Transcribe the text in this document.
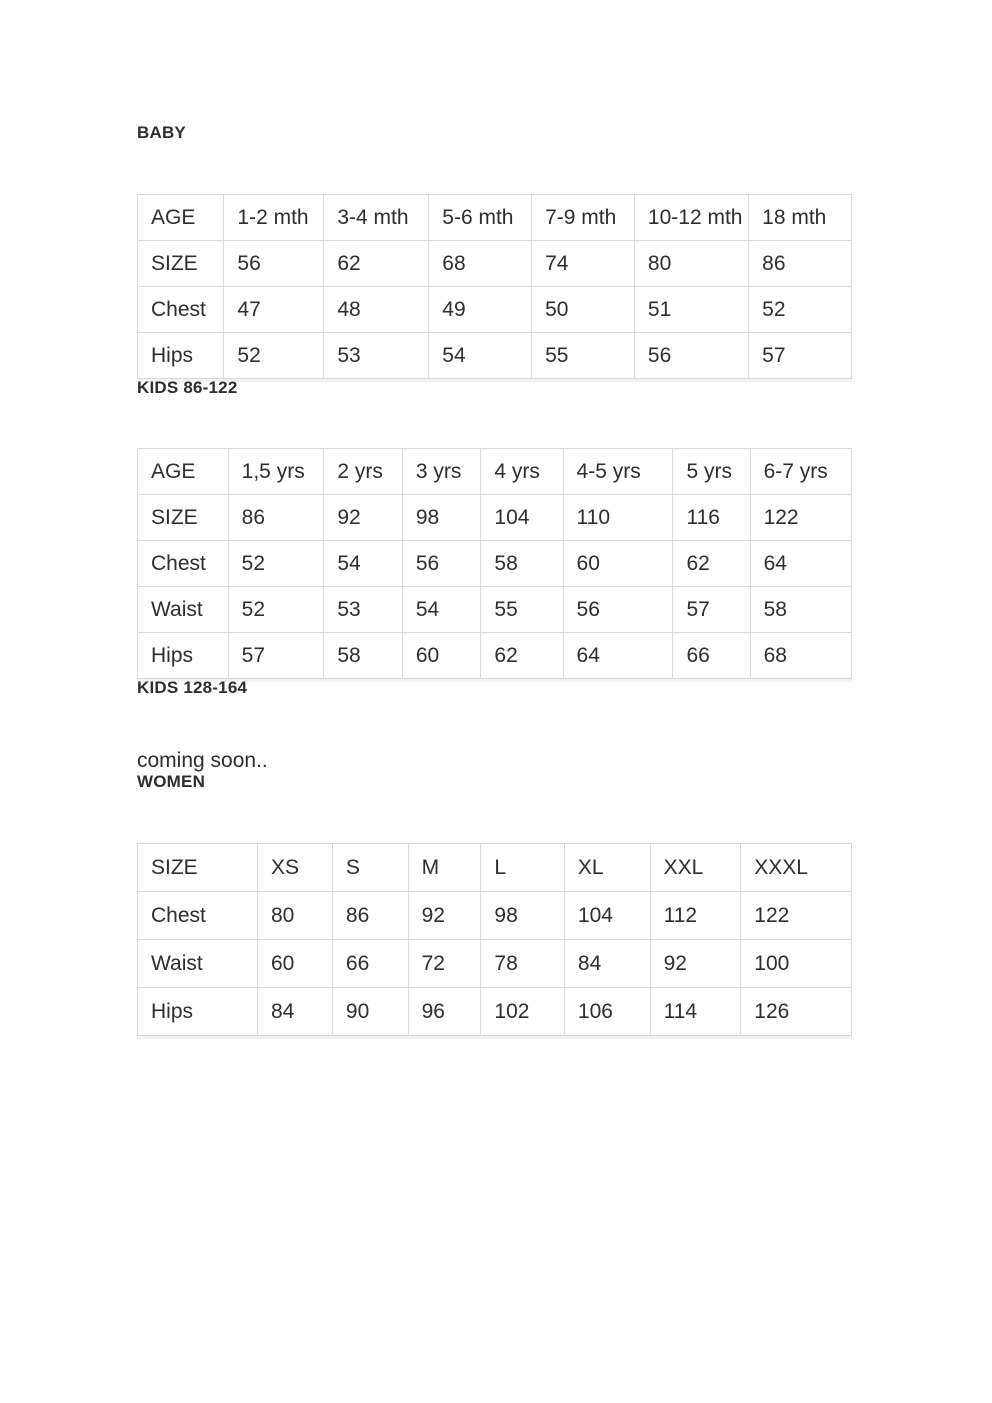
BABY
AGE	1-2 mth	3-4 mth	5-6 mth	7-9 mth	10-12 mth	18 mth
SIZE	56	62	68	74	80	86
Chest	47	48	49	50	51	52
Hips	52	53	54	55	56	57
KIDS 86-122
AGE	1,5 yrs	2 yrs	3 yrs	4 yrs	4-5 yrs	5 yrs	6-7 yrs
SIZE	86	92	98	104	110	116	122
Chest	52	54	56	58	60	62	64
Waist	52	53	54	55	56	57	58
Hips	57	58	60	62	64	66	68
KIDS 128-164

coming soon..

WOMEN
SIZE	XS	S	M	L	XL	XXL	XXXL
Chest	80	86	92	98	104	112	122
Waist	60	66	72	78	84	92	100
Hips	84	90	96	102	106	114	126
